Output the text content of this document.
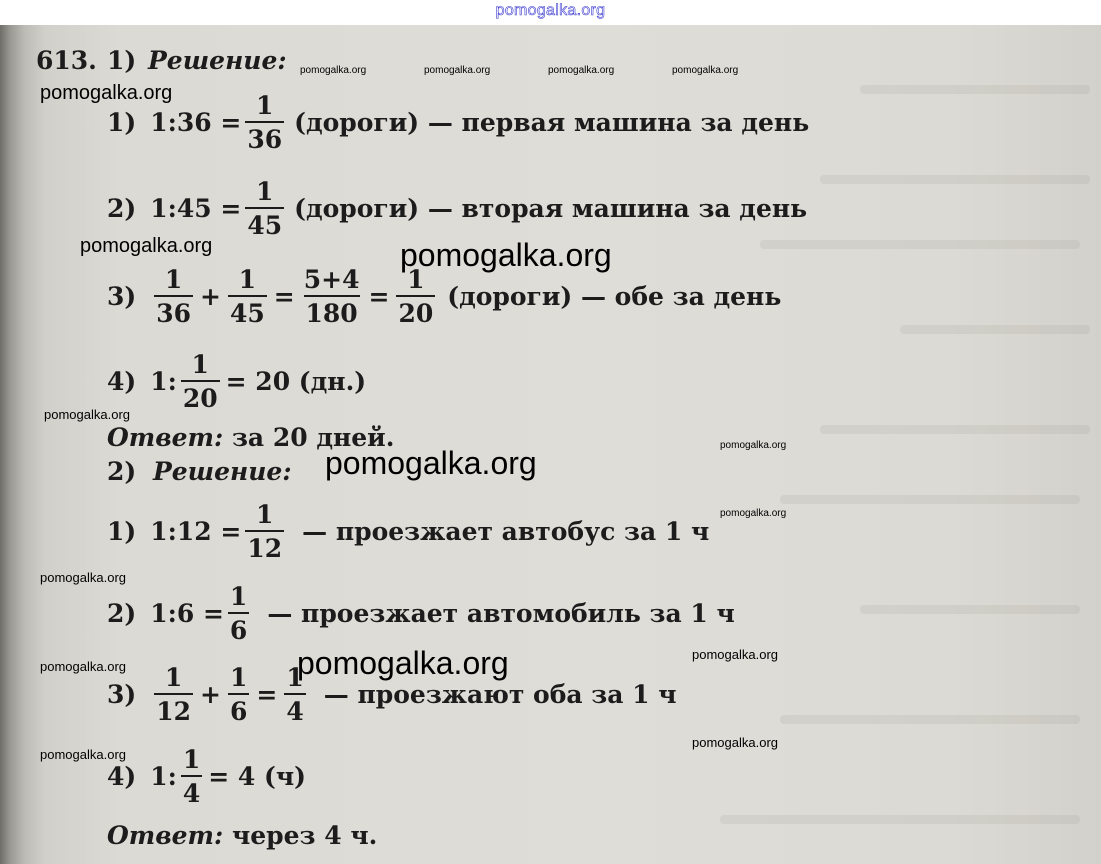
pomogalka.org
613. 1) Решение:
1) 1:36 = $\frac{1}{36}$ (дороги) — первая машина за день
2) 1:45 = $\frac{1}{45}$ (дороги) — вторая машина за день
$3) \frac{1}{36} + \frac{1}{45} = \frac{5+4}{180} = \frac{1}{20}$ (дороги) — обе за день
4) 1: $\frac{1}{20} = 20$ (дн.)
Ответ: за 20 дней.
2) Решение:
1) 1:12 = $\frac{1}{12}$ — проезжает автобус за 1 ч
2) 1:6 = $\frac{1}{6}$ — проезжает автомобиль за 1 ч
$3) \frac{1}{12} + \frac{1}{6} = \frac{1}{4}$ — проезжают оба за 1 ч
4) 1: $\frac{1}{4} = 4$ (ч)
Ответ: через 4 ч.
pomogalka.org	pomogalka.org	pomogalka.org	pomogalka.org
pomogalka.org
pomogalka.org	pomogalka.org
pomogalka.org
pomogalka.org
pomogalka.org
pomogalka.org
pomogalka.org
pomogalka.org
pomogalka.org	pomogalka.org
pomogalka.org
pomogalka.org
